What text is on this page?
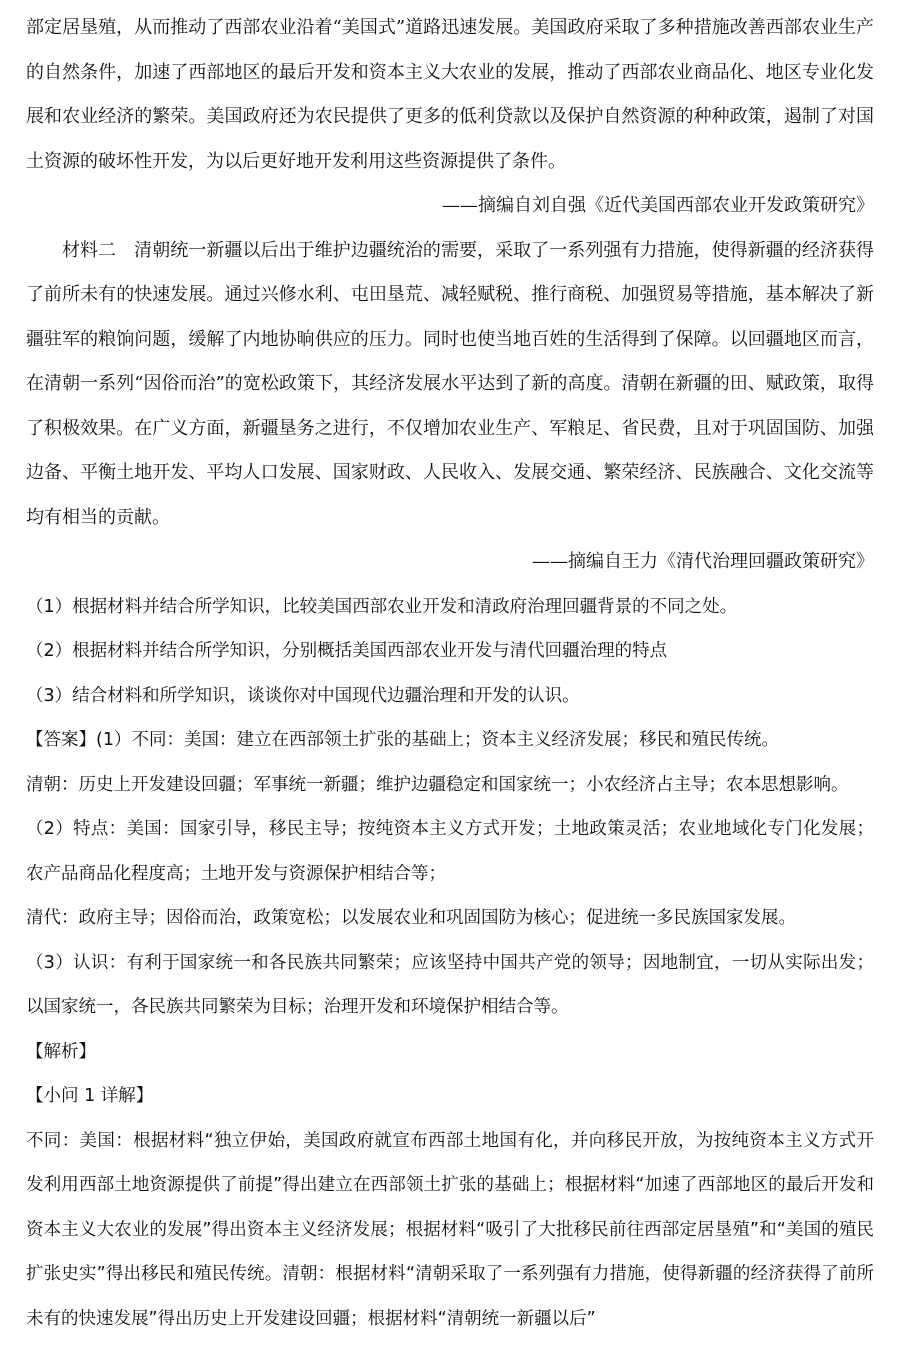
部定居垦殖，从而推动了西部农业沿着“美国式”道路迅速发展。美国政府采取了多种措施改善西部农业生产的自然条件，加速了西部地区的最后开发和资本主义大农业的发展，推动了西部农业商品化、地区专业化发展和农业经济的繁荣。美国政府还为农民提供了更多的低利贷款以及保护自然资源的种种政策，遏制了对国土资源的破坏性开发，为以后更好地开发利用这些资源提供了条件。

——摘编自刘自强《近代美国西部农业开发政策研究》

材料二　清朝统一新疆以后出于维护边疆统治的需要，采取了一系列强有力措施，使得新疆的经济获得了前所未有的快速发展。通过兴修水利、屯田垦荒、减轻赋税、推行商税、加强贸易等措施，基本解决了新疆驻军的粮饷问题，缓解了内地协晌供应的压力。同时也使当地百姓的生活得到了保障。以回疆地区而言，在清朝一系列“因俗而治”的宽松政策下，其经济发展水平达到了新的高度。清朝在新疆的田、赋政策，取得了积极效果。在广义方面，新疆垦务之进行，不仅增加农业生产、军粮足、省民费，且对于巩固国防、加强边备、平衡土地开发、平均人口发展、国家财政、人民收入、发展交通、繁荣经济、民族融合、文化交流等均有相当的贡献。

——摘编自王力《清代治理回疆政策研究》

（1）根据材料并结合所学知识，比较美国西部农业开发和清政府治理回疆背景的不同之处。

（2）根据材料并结合所学知识，分别概括美国西部农业开发与清代回疆治理的特点

（3）结合材料和所学知识，谈谈你对中国现代边疆治理和开发的认识。

【答案】(1）不同：美国：建立在西部领土扩张的基础上；资本主义经济发展；移民和殖民传统。

清朝：历史上开发建设回疆；军事统一新疆；维护边疆稳定和国家统一；小农经济占主导；农本思想影响。

（2）特点：美国：国家引导，移民主导；按纯资本主义方式开发；土地政策灵活；农业地域化专门化发展；农产品商品化程度高；土地开发与资源保护相结合等；

清代：政府主导；因俗而治，政策宽松；以发展农业和巩固国防为核心；促进统一多民族国家发展。

（3）认识：有利于国家统一和各民族共同繁荣；应该坚持中国共产党的领导；因地制宜，一切从实际出发；以国家统一，各民族共同繁荣为目标；治理开发和环境保护相结合等。

【解析】

【小问 1 详解】

不同：美国：根据材料“独立伊始，美国政府就宣布西部土地国有化，并向移民开放，为按纯资本主义方式开发利用西部土地资源提供了前提”得出建立在西部领土扩张的基础上；根据材料“加速了西部地区的最后开发和资本主义大农业的发展”得出资本主义经济发展；根据材料“吸引了大批移民前往西部定居垦殖”和“美国的殖民扩张史实”得出移民和殖民传统。清朝：根据材料“清朝采取了一系列强有力措施，使得新疆的经济获得了前所未有的快速发展”得出历史上开发建设回疆；根据材料“清朝统一新疆以后”
